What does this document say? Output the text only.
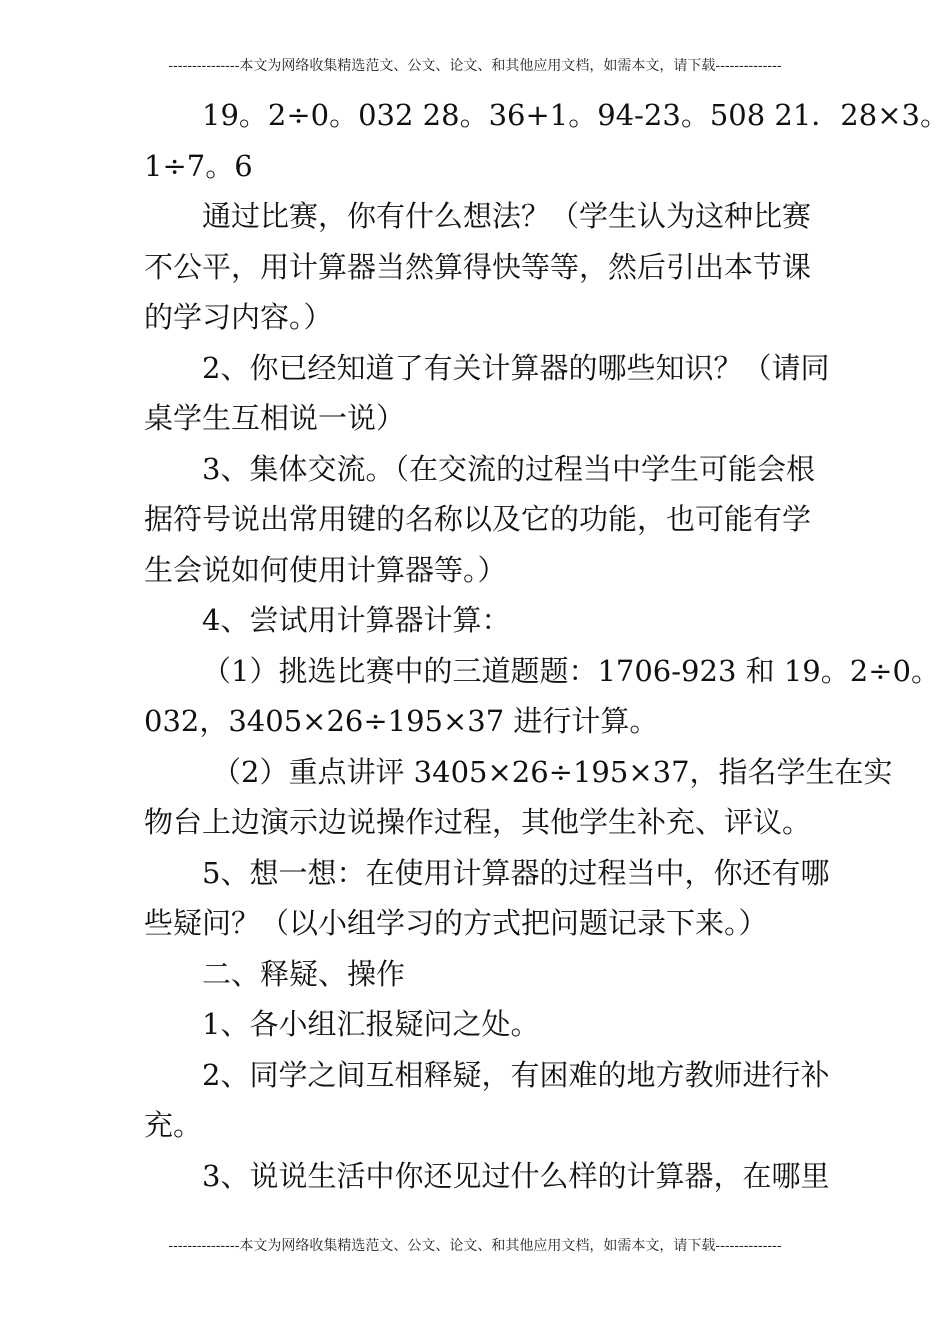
---------------本文为网络收集精选范文、公文、论文、和其他应用文档，如需本文，请下载--------------
19。2÷0。032 28。36+1。94-23。508 21．28×3。
1÷7。6
通过比赛，你有什么想法？（学生认为这种比赛
不公平，用计算器当然算得快等等，然后引出本节课
的学习内容。）
2、你已经知道了有关计算器的哪些知识？（请同
桌学生互相说一说）
3、集体交流。（在交流的过程当中学生可能会根
据符号说出常用键的名称以及它的功能，也可能有学
生会说如何使用计算器等。）
4、尝试用计算器计算：
（1）挑选比赛中的三道题题：1706-923 和 19。2÷0。
032，3405×26÷195×37 进行计算。
（2）重点讲评 3405×26÷195×37，指名学生在实
物台上边演示边说操作过程，其他学生补充、评议。
5、想一想：在使用计算器的过程当中，你还有哪
些疑问？（以小组学习的方式把问题记录下来。）
二、释疑、操作
1、各小组汇报疑问之处。
2、同学之间互相释疑，有困难的地方教师进行补
充。
3、说说生活中你还见过什么样的计算器，在哪里
---------------本文为网络收集精选范文、公文、论文、和其他应用文档，如需本文，请下载--------------
